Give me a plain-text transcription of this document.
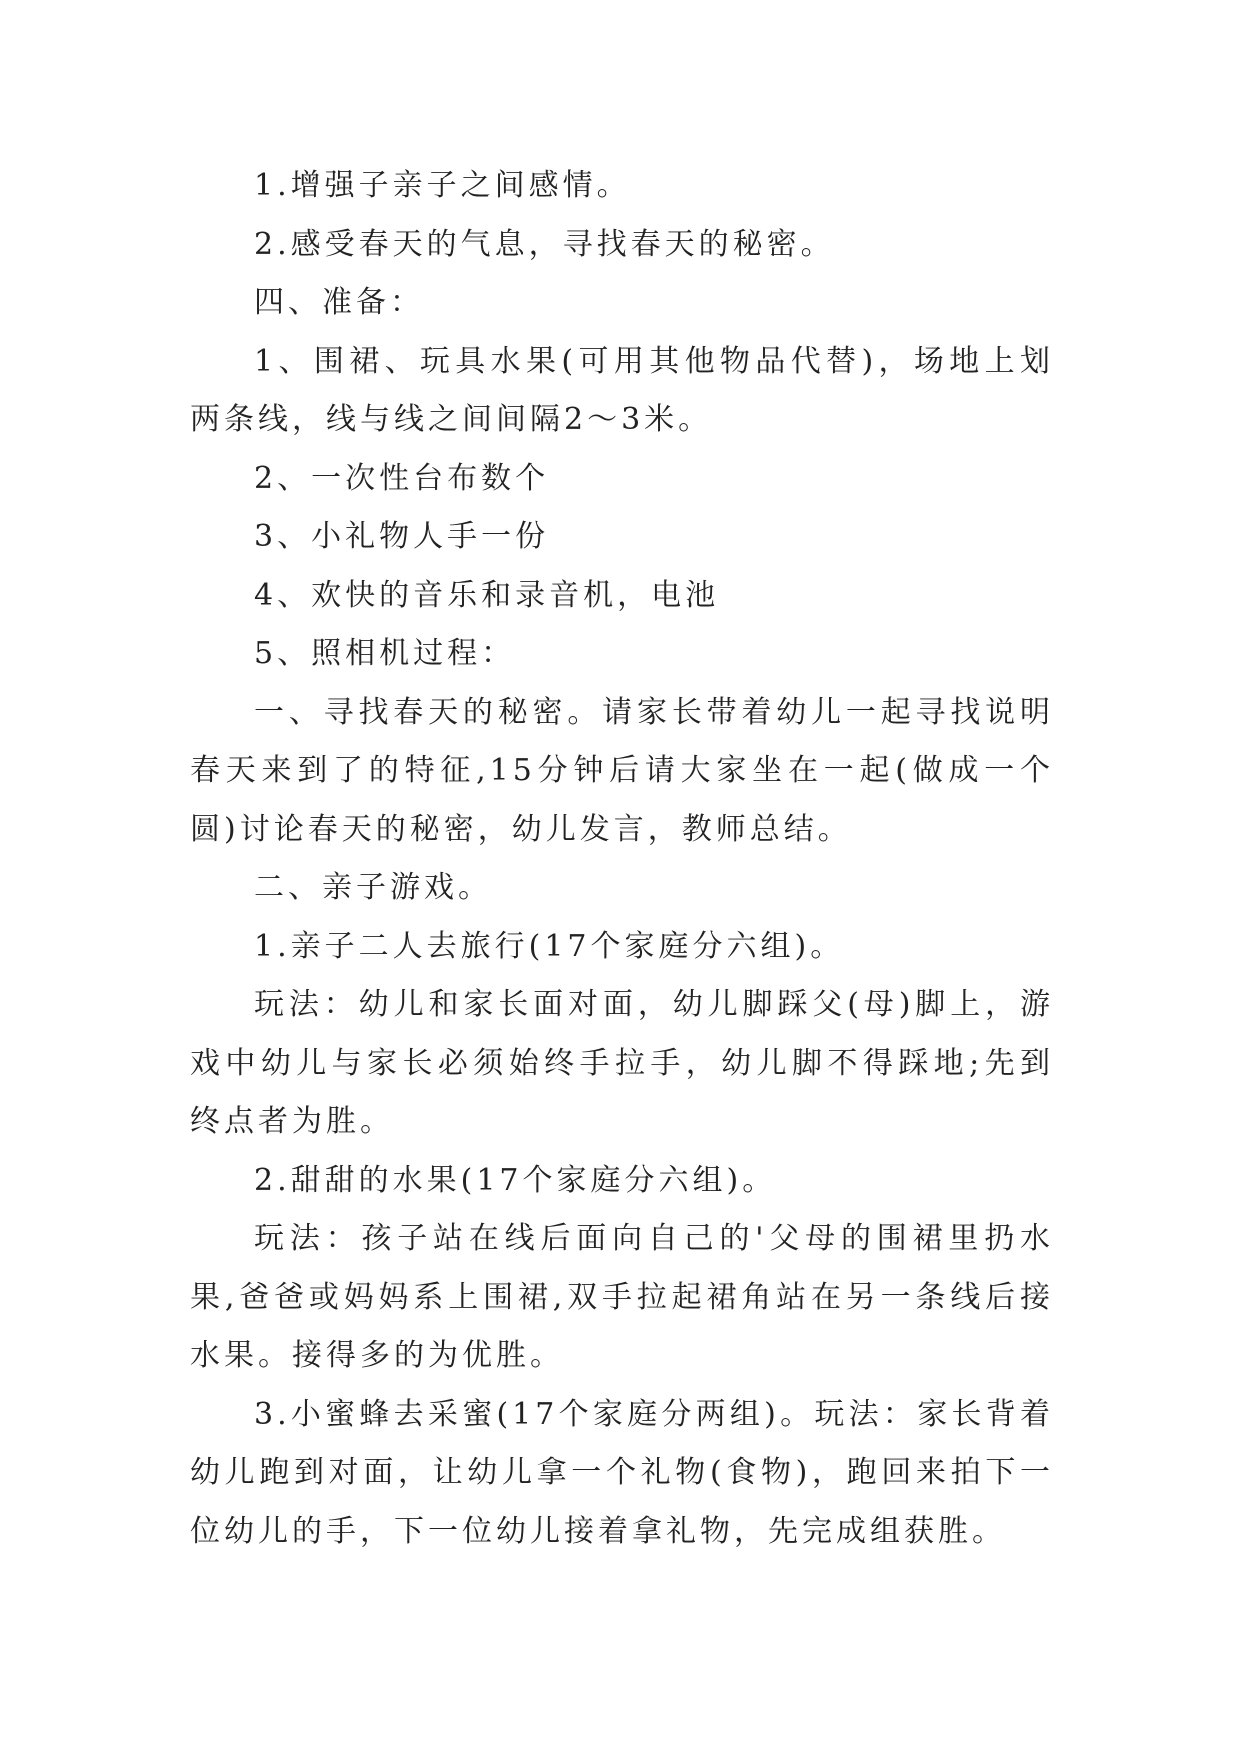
1.增强子亲子之间感情。

2.感受春天的气息，寻找春天的秘密。

四、准备：

1、围裙、玩具水果(可用其他物品代替)，场地上划两条线，线与线之间间隔2～3米。

2、一次性台布数个

3、小礼物人手一份

4、欢快的音乐和录音机，电池

5、照相机过程：

一、寻找春天的秘密。请家长带着幼儿一起寻找说明春天来到了的特征,15分钟后请大家坐在一起(做成一个圆)讨论春天的秘密，幼儿发言，教师总结。

二、亲子游戏。

1.亲子二人去旅行(17个家庭分六组)。

玩法：幼儿和家长面对面，幼儿脚踩父(母)脚上，游戏中幼儿与家长必须始终手拉手，幼儿脚不得踩地;先到终点者为胜。

2.甜甜的水果(17个家庭分六组)。

玩法：孩子站在线后面向自己的'父母的围裙里扔水果,爸爸或妈妈系上围裙,双手拉起裙角站在另一条线后接水果。接得多的为优胜。

3.小蜜蜂去采蜜(17个家庭分两组)。玩法：家长背着幼儿跑到对面，让幼儿拿一个礼物(食物)，跑回来拍下一位幼儿的手，下一位幼儿接着拿礼物，先完成组获胜。
